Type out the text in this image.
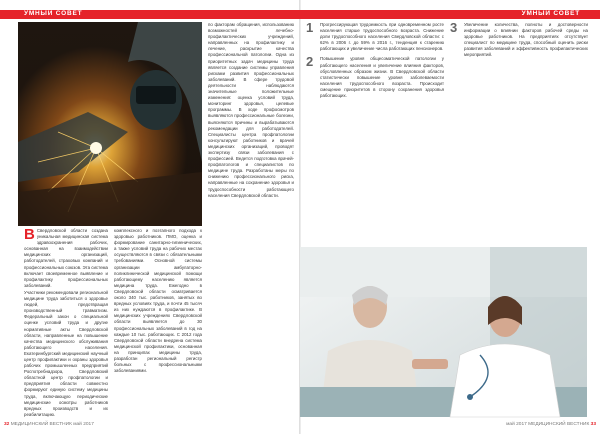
УМНЫЙ СОВЕТ	УМНЫЙ СОВЕТ

В Свердловской области создана уникальная медицинская система здравоохранения рабочих, основанная на взаимодействии медицинских организаций, работодателей, страховых компаний и профессиональных союзов. Эта система включает своевременное выявление и профилактику профессиональных заболеваний.

Участники рекомендовали региональной медицине труда заботиться о здоровье людей, предотвращая производственный травматизм. Федеральный закон о специальной оценке условий труда и другие нормативные акты Свердловской области, направленные на повышение качества медицинского обслуживания работающего населения. Екатеринбургский медицинский научный центр профилактики и охраны здоровья рабочих промышленных предприятий Роспотребнадзора, Свердловский областной центр профпатологии и предприятия области совместно формируют единую систему медицины труда, включающую периодические медицинские осмотры работников вредных производств и их реабилитацию.

комплексного и поэтапного подхода к здоровью работников. ПМО, оценка и формирование санитарно-гигиенических, а также условий труда на рабочих местах осуществляются в связи с обязательными требованиями. Основной системы организации амбулаторно-поликлинической медицинской помощи работающему населению является медицина труда. Ежегодно в Свердловской области осматривается около 340 тыс. работников, занятых во вредных условиях труда, и почти 45 тысяч из них нуждаются в профилактике. В медицинских учреждениях Свердловской области выявляется до 30 профессиональных заболеваний в год на каждые 10 тыс. работающих. С 2012 года Свердловской области внедрена система медицинской профилактики, основанная на принципах медицины труда, разработан региональный регистр больных с профессиональными заболеваниями.

по факторам обращения, использованию возможностей лечебно-профилактических учреждений, направленных на профилактику и лечение, раскрытие качества профессиональной патологии. Одна из приоритетных задач медицины труда является создание системы управления рисками развития профессиональных заболеваний. В сфере трудовой деятельности наблюдаются значительные положительные изменения: оценка условий труда, мониторинг здоровья, целевые программы. В ходе профосмотров выявляются профессиональные болезни, выясняются причины и вырабатываются рекомендации для работодателей. Специалисты центра профпатологии консультируют работников и врачей медицинских организаций, проводят экспертизу связи заболевания с профессией. Ведется подготовка врачей-профпатологов и специалистов по медицине труда. Разработаны меры по снижению профессионального риска, направленные на сохранение здоровья и трудоспособности работающего населения Свердловской области.

1 Прогрессирующая трудоемкость при одновременном росте населения старше трудоспособного возраста. Снижение доли трудоспособного населения Свердловской области: с 62% в 2006 г. до 59% в 2016 г., тенденция к старению работающих и увеличение числа работающих пенсионеров.
2 Повышение уровня общесоматической патологии у работающего населения и увеличение влияния факторов, обусловленных образом жизни. В Свердловской области статистически повышение уровня заболеваемости населения трудоспособного возраста. Происходит смещение приоритетов в сторону сохранения здоровья работающих.
3 Увеличение количества, полноты и достоверности информации о влиянии факторов рабочей среды на здоровье работников. На предприятиях отсутствует специалист по медицине труда, способный оценить риски развития заболеваний и эффективность профилактических мероприятий.
32 МЕДИЦИНСКИЙ ВЕСТНИК май 2017	май 2017 МЕДИЦИНСКИЙ ВЕСТНИК 33
